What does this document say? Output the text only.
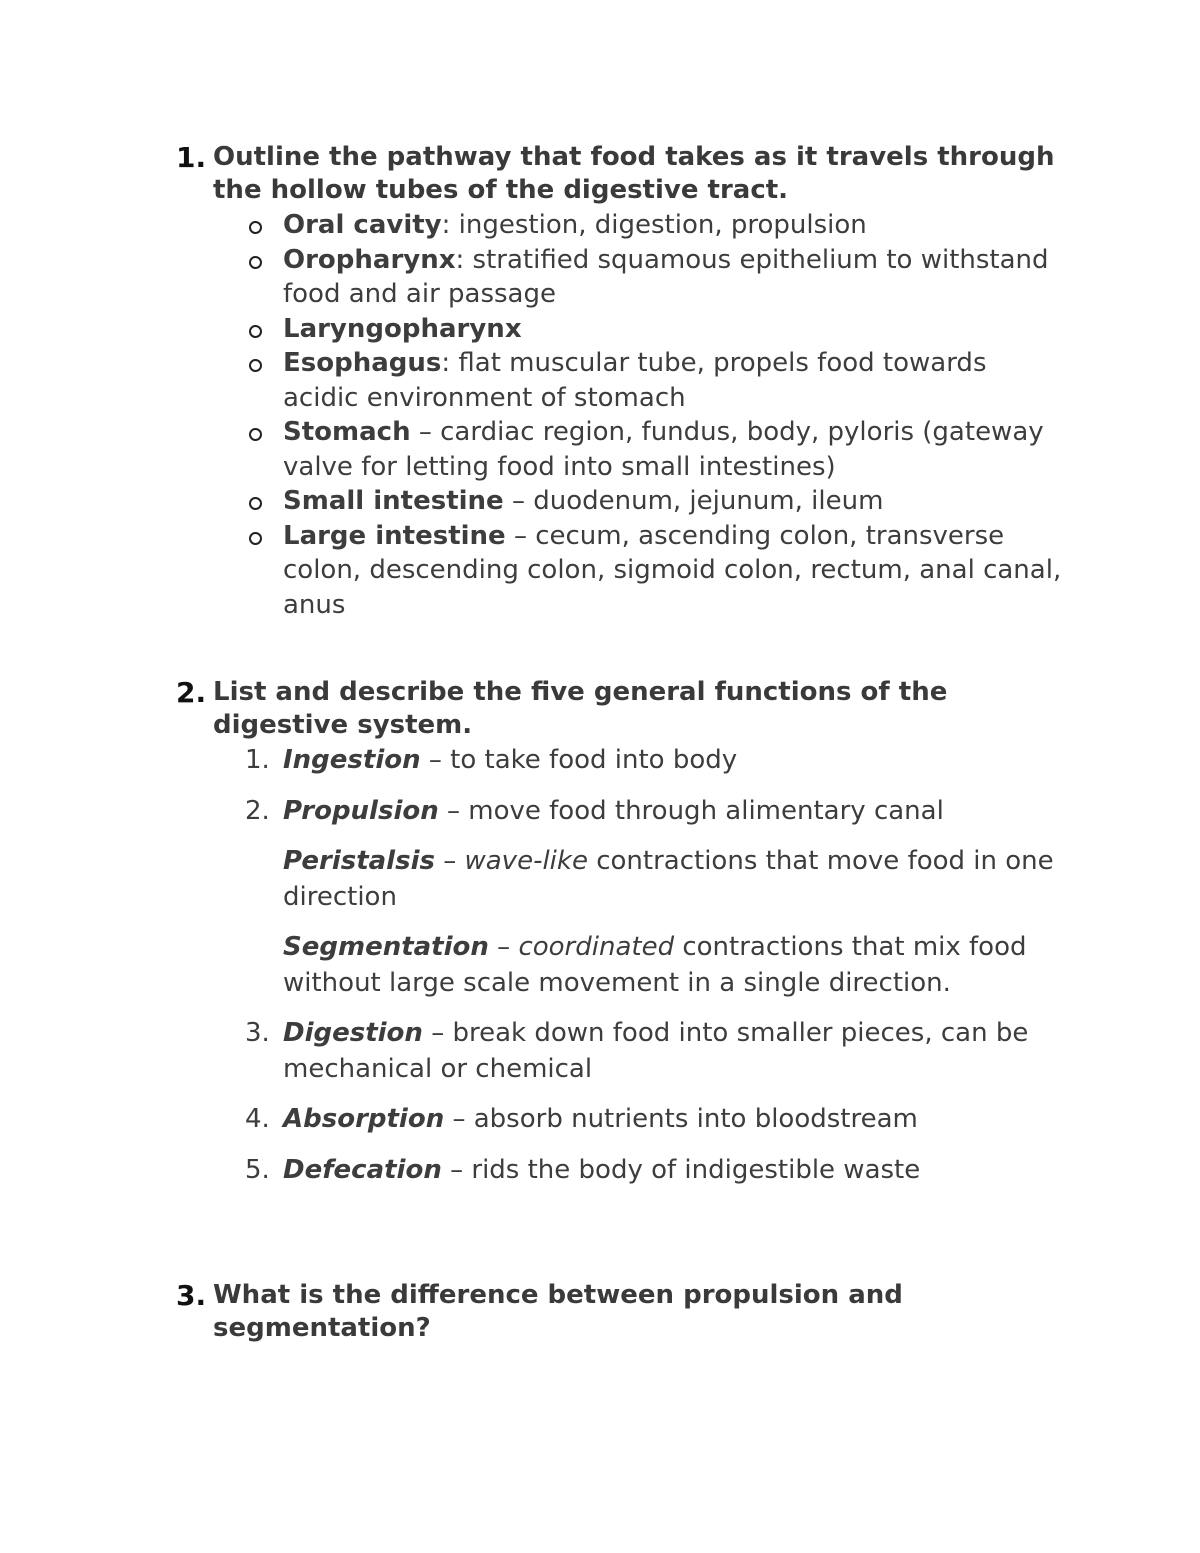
1. Outline the pathway that food takes as it travels through the hollow tubes of the digestive tract.
Oral cavity: ingestion, digestion, propulsion
Oropharynx: stratified squamous epithelium to withstand food and air passage
Laryngopharynx
Esophagus: flat muscular tube, propels food towards acidic environment of stomach
Stomach – cardiac region, fundus, body, pyloris (gateway valve for letting food into small intestines)
Small intestine – duodenum, jejunum, ileum
Large intestine – cecum, ascending colon, transverse colon, descending colon, sigmoid colon, rectum, anal canal, anus
2. List and describe the five general functions of the digestive system.
1. Ingestion – to take food into body
2. Propulsion – move food through alimentary canal
Peristalsis – wave-like contractions that move food in one direction
Segmentation – coordinated contractions that mix food without large scale movement in a single direction.
3. Digestion – break down food into smaller pieces, can be mechanical or chemical
4. Absorption – absorb nutrients into bloodstream
5. Defecation – rids the body of indigestible waste
3. What is the difference between propulsion and segmentation?
